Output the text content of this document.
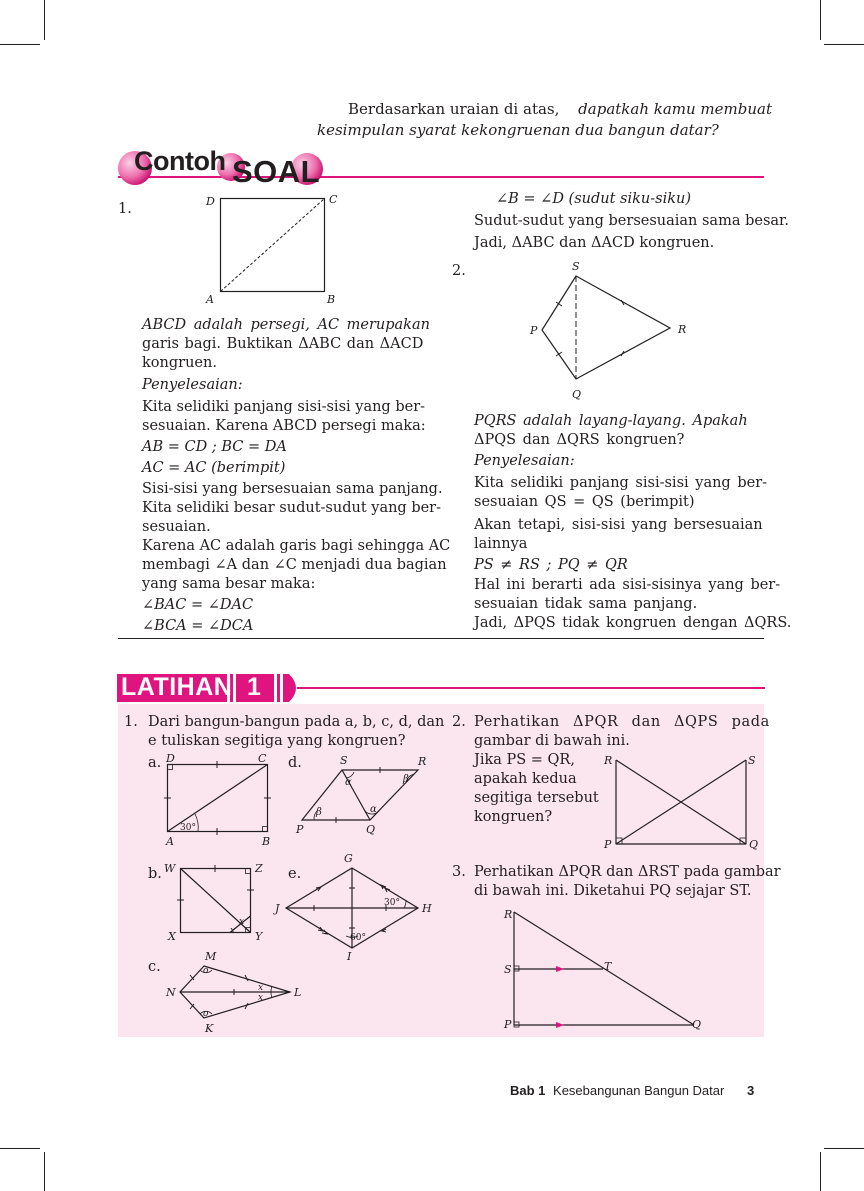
Berdasarkan uraian di atas, dapatkah kamu membuat
kesimpulan syarat kekongruenan dua bangun datar?
Contoh SOAL
1.	D	C
A	B
ABCD adalah persegi, AC merupakan
garis bagi. Buktikan ΔABC dan ΔACD
kongruen.
Penyelesaian:
Kita selidiki panjang sisi-sisi yang ber-
sesuaian. Karena ABCD persegi maka:
AB = CD ; BC = DA
AC = AC (berimpit)
Sisi-sisi yang bersesuaian sama panjang.
Kita selidiki besar sudut-sudut yang ber-
sesuaian.
Karena AC adalah garis bagi sehingga AC
membagi ∠A dan ∠C menjadi dua bagian
yang sama besar maka:
∠BAC = ∠DAC
∠BCA = ∠DCA
∠B = ∠D (sudut siku-siku)
Sudut-sudut yang bersesuaian sama besar.
Jadi, ΔABC dan ΔACD kongruen.
2.	S
P	R
Q
PQRS adalah layang-layang. Apakah
ΔPQS dan ΔQRS kongruen?
Penyelesaian:
Kita selidiki panjang sisi-sisi yang ber-
sesuaian QS = QS (berimpit)
Akan tetapi, sisi-sisi yang bersesuaian
lainnya
PS ≠ RS ; PQ ≠ QR
Hal ini berarti ada sisi-sisinya yang ber-
sesuaian tidak sama panjang.
Jadi, ΔPQS tidak kongruen dengan ΔQRS.
LATIHAN 1
1. Dari bangun-bangun pada a, b, c, d, dan
e tuliskan segitiga yang kongruen?
a. D	C
A	B
30°
d.	S	R
P	Q
α	β
β	α
b. W	Z
X	Y
x
x
e.
G
J	H
I
30°
60°
c.
M
N	L
K
o
o
x
x
2. Perhatikan ΔPQR dan ΔQPS pada
gambar di bawah ini.
Jika PS = QR,
apakah kedua
segitiga tersebut
kongruen?
R	S
P	Q
3. Perhatikan ΔPQR dan ΔRST pada gambar
di bawah ini. Diketahui PQ sejajar ST.
R
S	T
P	Q
Bab 1 Kesebangunan Bangun Datar 3
